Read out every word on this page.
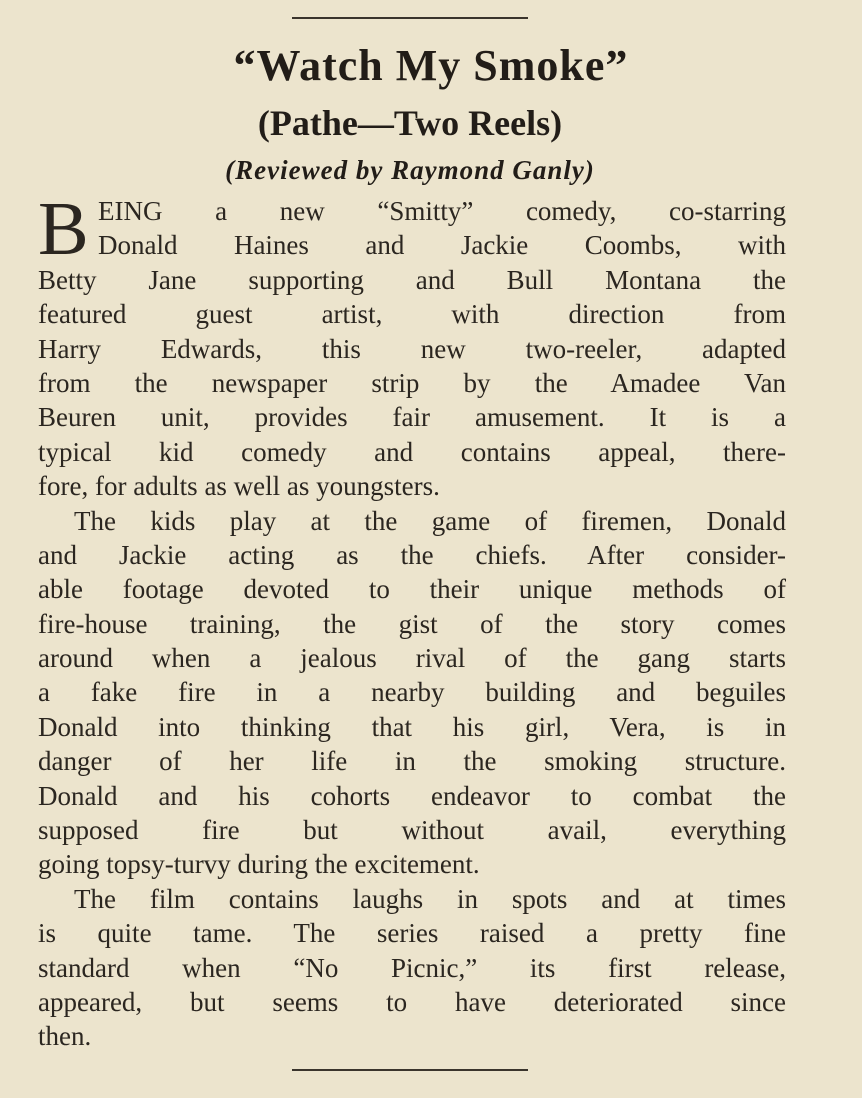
“Watch My Smoke”
(Pathe—Two Reels)
(Reviewed by Raymond Ganly)
B EING a new “Smitty” comedy, co-starring
Donald Haines and Jackie Coombs, with
Betty Jane supporting and Bull Montana the
featured guest artist, with direction from
Harry Edwards, this new two-reeler, adapted
from the newspaper strip by the Amadee Van
Beuren unit, provides fair amusement. It is a
typical kid comedy and contains appeal, there-
fore, for adults as well as youngsters.
The kids play at the game of firemen, Donald
and Jackie acting as the chiefs. After consider-
able footage devoted to their unique methods of
fire-house training, the gist of the story comes
around when a jealous rival of the gang starts
a fake fire in a nearby building and beguiles
Donald into thinking that his girl, Vera, is in
danger of her life in the smoking structure.
Donald and his cohorts endeavor to combat the
supposed fire but without avail, everything
going topsy-turvy during the excitement.
The film contains laughs in spots and at times
is quite tame. The series raised a pretty fine
standard when “No Picnic,” its first release,
appeared, but seems to have deteriorated since
then.
